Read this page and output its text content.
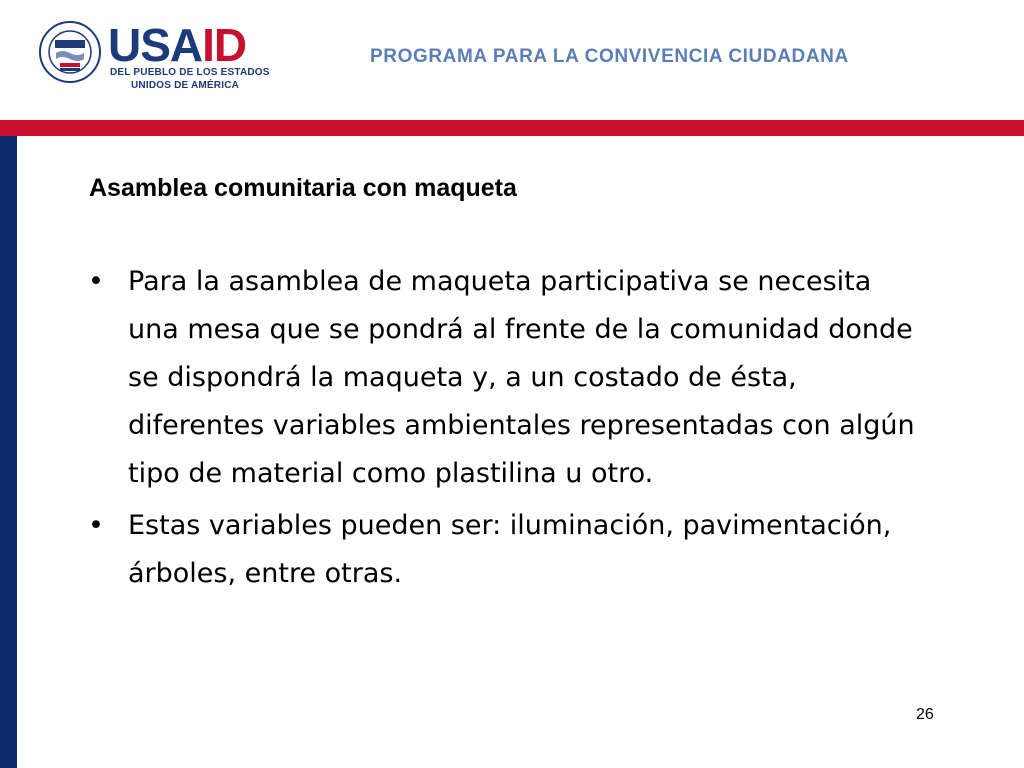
USAID
DEL PUEBLO DE LOS ESTADOS
UNIDOS DE AMÉRICA
PROGRAMA PARA LA CONVIVENCIA CIUDADANA
Asamblea comunitaria con maqueta
• Para la asamblea de maqueta participativa se necesita una mesa que se pondrá al frente de la comunidad donde se dispondrá la maqueta y, a un costado de ésta, diferentes variables ambientales representadas con algún tipo de material como plastilina u otro.
• Estas variables pueden ser: iluminación, pavimentación, árboles, entre otras.
26
